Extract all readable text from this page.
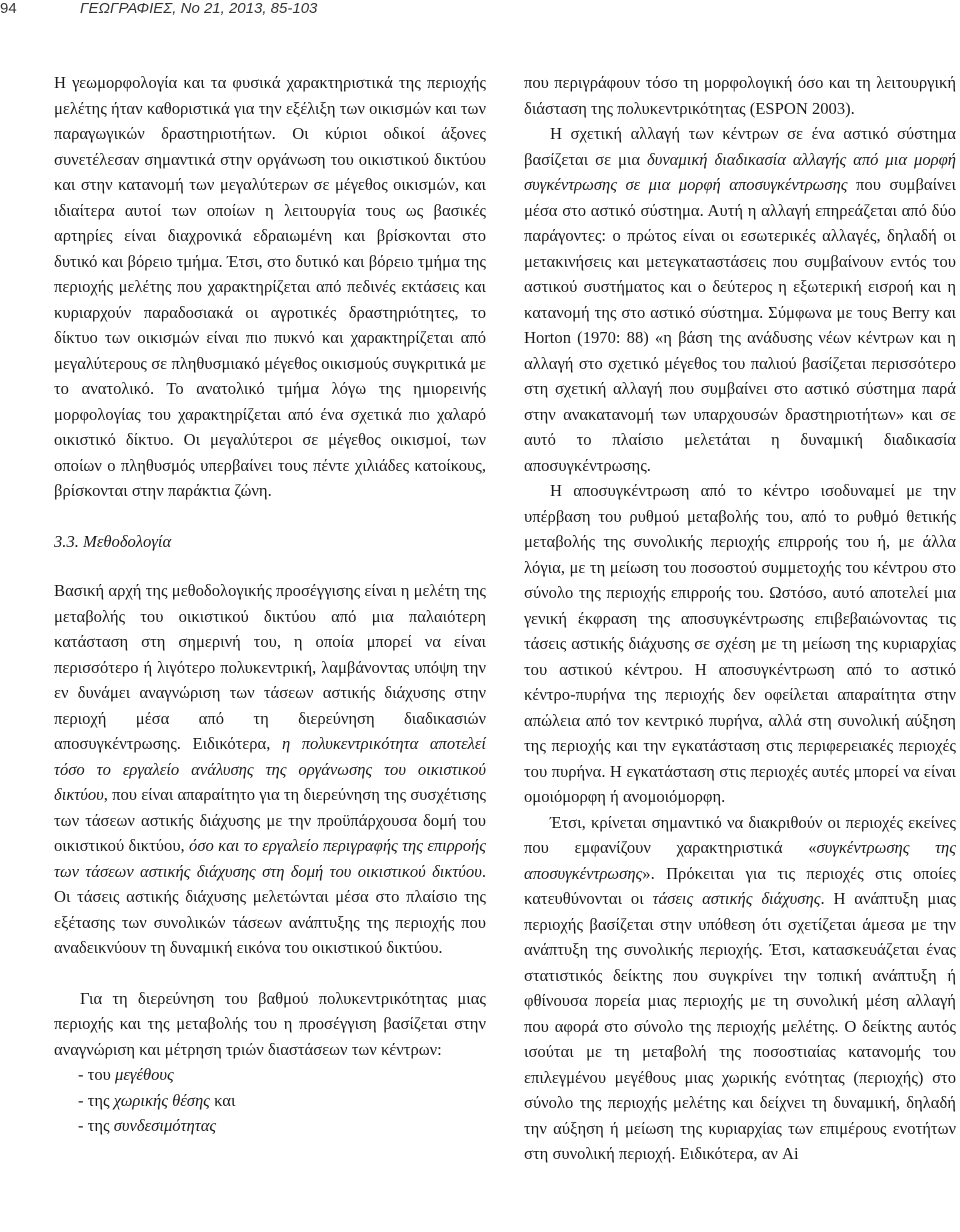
94	ΓΕΩΓΡΑΦΙΕΣ, Νο 21, 2013, 85-103

Η γεωμορφολογία και τα φυσικά χαρακτηριστικά της περιοχής μελέτης ήταν καθοριστικά για την εξέλιξη των οικισμών και των παραγωγικών δραστηριοτήτων. Οι κύριοι οδικοί άξονες συνετέλεσαν σημαντικά στην οργάνωση του οικιστικού δικτύου και στην κατανομή των μεγαλύτερων σε μέγεθος οικισμών, και ιδιαίτερα αυτοί των οποίων η λειτουργία τους ως βασικές αρτηρίες είναι διαχρονικά εδραιωμένη και βρίσκονται στο δυτικό και βόρειο τμήμα. Έτσι, στο δυτικό και βόρειο τμήμα της περιοχής μελέτης που χαρακτηρίζεται από πεδινές εκτάσεις και κυριαρχούν παραδοσιακά οι αγροτικές δραστηριότητες, το δίκτυο των οικισμών είναι πιο πυκνό και χαρακτηρίζεται από μεγαλύτερους σε πληθυσμιακό μέγεθος οικισμούς συγκριτικά με το ανατολικό. Το ανατολικό τμήμα λόγω της ημιορεινής μορφολογίας του χαρακτηρίζεται από ένα σχετικά πιο χαλαρό οικιστικό δίκτυο. Οι μεγαλύτεροι σε μέγεθος οικισμοί, των οποίων ο πληθυσμός υπερβαίνει τους πέντε χιλιάδες κατοίκους, βρίσκονται στην παράκτια ζώνη.

3.3. Μεθοδολογία

Βασική αρχή της μεθοδολογικής προσέγγισης είναι η μελέτη της μεταβολής του οικιστικού δικτύου από μια παλαιότερη κατάσταση στη σημερινή του, η οποία μπορεί να είναι περισσότερο ή λιγότερο πολυκεντρική, λαμβάνοντας υπόψη την εν δυνάμει αναγνώριση των τάσεων αστικής διάχυσης στην περιοχή μέσα από τη διερεύνηση διαδικασιών αποσυγκέντρωσης. Ειδικότερα, η πολυκεντρικότητα αποτελεί τόσο το εργαλείο ανάλυσης της οργάνωσης του οικιστικού δικτύου, που είναι απαραίτητο για τη διερεύνηση της συσχέτισης των τάσεων αστικής διάχυσης με την προϋπάρχουσα δομή του οικιστικού δικτύου, όσο και το εργαλείο περιγραφής της επιρροής των τάσεων αστικής διάχυσης στη δομή του οικιστικού δικτύου. Οι τάσεις αστικής διάχυσης μελετώνται μέσα στο πλαίσιο της εξέτασης των συνολικών τάσεων ανάπτυξης της περιοχής που αναδεικνύουν τη δυναμική εικόνα του οικιστικού δικτύου.

Για τη διερεύνηση του βαθμού πολυκεντρικότητας μιας περιοχής και της μεταβολής του η προσέγγιση βασίζεται στην αναγνώριση και μέτρηση τριών διαστάσεων των κέντρων:

- του μεγέθους
- της χωρικής θέσης και
- της συνδεσιμότητας

που περιγράφουν τόσο τη μορφολογική όσο και τη λειτουργική διάσταση της πολυκεντρικότητας (ESPON 2003).

Η σχετική αλλαγή των κέντρων σε ένα αστικό σύστημα βασίζεται σε μια δυναμική διαδικασία αλλαγής από μια μορφή συγκέντρωσης σε μια μορφή αποσυγκέντρωσης που συμβαίνει μέσα στο αστικό σύστημα. Αυτή η αλλαγή επηρεάζεται από δύο παράγοντες: ο πρώτος είναι οι εσωτερικές αλλαγές, δηλαδή οι μετακινήσεις και μετεγκαταστάσεις που συμβαίνουν εντός του αστικού συστήματος και ο δεύτερος η εξωτερική εισροή και η κατανομή της στο αστικό σύστημα. Σύμφωνα με τους Berry και Horton (1970: 88) «η βάση της ανάδυσης νέων κέντρων και η αλλαγή στο σχετικό μέγεθος του παλιού βασίζεται περισσότερο στη σχετική αλλαγή που συμβαίνει στο αστικό σύστημα παρά στην ανακατανομή των υπαρχουσών δραστηριοτήτων» και σε αυτό το πλαίσιο μελετάται η δυναμική διαδικασία αποσυγκέντρωσης.

Η αποσυγκέντρωση από το κέντρο ισοδυναμεί με την υπέρβαση του ρυθμού μεταβολής του, από το ρυθμό θετικής μεταβολής της συνολικής περιοχής επιρροής του ή, με άλλα λόγια, με τη μείωση του ποσοστού συμμετοχής του κέντρου στο σύνολο της περιοχής επιρροής του. Ωστόσο, αυτό αποτελεί μια γενική έκφραση της αποσυγκέντρωσης επιβεβαιώνοντας τις τάσεις αστικής διάχυσης σε σχέση με τη μείωση της κυριαρχίας του αστικού κέντρου. Η αποσυγκέντρωση από το αστικό κέντρο-πυρήνα της περιοχής δεν οφείλεται απαραίτητα στην απώλεια από τον κεντρικό πυρήνα, αλλά στη συνολική αύξηση της περιοχής και την εγκατάσταση στις περιφερειακές περιοχές του πυρήνα. Η εγκατάσταση στις περιοχές αυτές μπορεί να είναι ομοιόμορφη ή ανομοιόμορφη.

Έτσι, κρίνεται σημαντικό να διακριθούν οι περιοχές εκείνες που εμφανίζουν χαρακτηριστικά «συγκέντρωσης της αποσυγκέντρωσης». Πρόκειται για τις περιοχές στις οποίες κατευθύνονται οι τάσεις αστικής διάχυσης. Η ανάπτυξη μιας περιοχής βασίζεται στην υπόθεση ότι σχετίζεται άμεσα με την ανάπτυξη της συνολικής περιοχής. Έτσι, κατασκευάζεται ένας στατιστικός δείκτης που συγκρίνει την τοπική ανάπτυξη ή φθίνουσα πορεία μιας περιοχής με τη συνολική μέση αλλαγή που αφορά στο σύνολο της περιοχής μελέτης. Ο δείκτης αυτός ισούται με τη μεταβολή της ποσοστιαίας κατανομής του επιλεγμένου μεγέθους μιας χωρικής ενότητας (περιοχής) στο σύνολο της περιοχής μελέτης και δείχνει τη δυναμική, δηλαδή την αύξηση ή μείωση της κυριαρχίας των επιμέρους ενοτήτων στη συνολική περιοχή. Ειδικότερα, αν Ai
